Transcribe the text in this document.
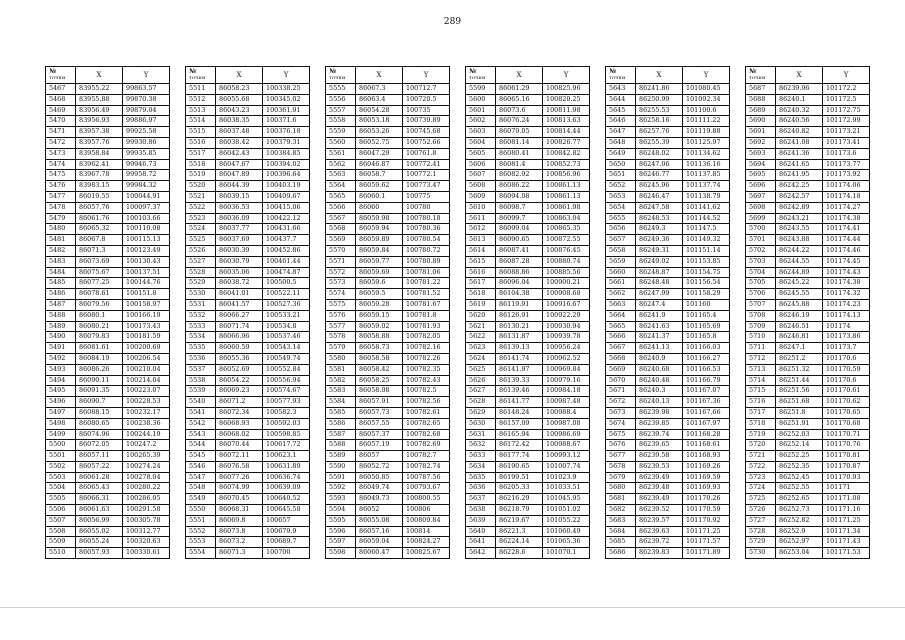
289
№
точки	X	Y
5467	83955.22	99863.57
5468	83955.88	99870.38
5469	83956.49	99879.04
5470	83956.93	99886.97
5471	83957.38	99925.58
5472	83957.76	99930.86
5473	83958.84	99935.85
5474	83962.41	99946.73
5475	83967.78	99958.72
5476	83983.15	99984.32
5477	86019.55	100044.91
5478	86057.76	100097.37
5479	86061.76	100103.66
5480	86065.32	100110.08
5481	86067.8	100115.13
5482	86071.3	100123.49
5483	86073.69	100130.43
5484	86075.67	100137.51
5485	86077.25	100144.76
5486	86078.61	100151.8
5487	86079.56	100158.97
5488	86080.1	100166.19
5489	86080.21	100173.43
5490	86079.83	100181.59
5491	86081.61	100200.69
5492	86084.19	100206.54
5493	86086.26	100210.04
5494	86090.11	100214.04
5495	86091.35	100223.07
5496	86090.7	100228.53
5497	86088.15	100232.17
5498	86080.65	100238.36
5499	86074.96	100244.19
5500	86072.05	100247.2
5501	86057.11	100265.39
5502	86057.22	100274.24
5503	86061.28	100278.04
5504	86065.43	100280.22
5505	86066.31	100286.05
5506	86061.63	100291.58
5507	86056.99	100305.78
5508	86055.02	100312.77
5509	86055.24	100320.63
5510	86057.93	100330.61
№
точки	X	Y
5511	86058.23	100338.25
5512	86055.68	100345.02
5513	86043.23	100361.91
5514	86038.35	100371.6
5515	86037.48	100376.18
5516	86038.42	100379.31
5517	86042.43	100384.85
5518	86047.67	100394.02
5519	86047.89	100396.64
5520	86044.39	100403.19
5521	86039.15	100409.67
5522	86036.53	100415.06
5523	86036.09	100422.12
5524	86037.77	100431.66
5525	86037.69	100437.7
5526	86030.39	100452.86
5527	86030.79	100461.44
5528	86035.06	100474.87
5529	86038.72	100500.5
5530	86041.01	100522.11
5531	86041.57	100527.36
5532	86066.27	100533.21
5533	86071.74	100534.8
5534	86066.96	100537.46
5535	86060.59	100543.14
5536	86055.36	100549.74
5537	86052.69	100552.84
5538	86054.22	100556.94
5539	86069.23	100574.67
5540	86071.2	100577.93
5541	86072.34	100582.3
5542	86068.93	100592.03
5543	86068.02	100598.85
5544	86070.44	100617.72
5545	86072.11	100623.1
5546	86076.58	100631.89
5547	86077.26	100636.74
5548	86074.99	100639.09
5549	86070.45	100640.52
5550	86068.31	100645.58
5551	86069.8	100657
5552	86073.8	100679.9
5553	86073.2	100689.7
5554	86071.3	100700
№
точки	X	Y
5555	86067.3	100712.7
5556	86063.4	100720.5
5557	86054.28	100735
5558	86053.18	100739.89
5559	86053.26	100745.68
5560	86052.75	100752.66
5561	86047.29	100761.8
5562	86046.87	100772.41
5563	86058.7	100772.1
5564	86059.62	100773.47
5565	86060.1	100775
5566	86060	100780
5567	86059.98	100780.18
5568	86059.94	100780.36
5569	86059.89	100780.54
5570	86059.84	100780.72
5571	86059.77	100780.89
5572	86059.69	100781.06
5573	86059.6	100781.22
5574	86059.5	100781.52
5575	86059.28	100781.67
5576	86059.15	100781.8
5577	86059.02	100781.93
5578	86058.88	100782.05
5579	86058.73	100782.16
5580	86058.58	100782.26
5581	86058.42	100782.35
5582	86058.25	100782.43
5583	86058.08	100782.5
5584	86057.91	100782.56
5585	86057.73	100782.61
5586	86057.55	100782.65
5587	86057.37	100782.68
5588	86057.19	100782.69
5589	86057	100782.7
5590	86052.72	100782.74
5591	86050.85	100787.56
5592	86049.74	100793.67
5593	86049.73	100800.55
5594	86052	100806
5595	86055.08	100809.84
5596	86057.16	100814
5597	86059.04	100824.27
5598	86060.47	100825.67
№
точки	X	Y
5599	86061.29	100825.96
5600	86065.16	100820.25
5601	86073.6	100811.98
5602	86076.24	100813.63
5603	86079.05	100814.44
5604	86081.14	100826.77
5605	86080.41	100842.82
5606	86081.4	100852.73
5607	86082.92	100856.96
5608	86086.22	100861.13
5609	86094.08	100861.13
5610	86098.7	100861.98
5611	86099.7	100863.04
5612	86099.04	100865.35
5613	86090.65	100872.55
5614	86087.41	100876.45
5615	86087.28	100880.74
5616	86088.86	100885.56
5617	86096.04	100900.21
5618	86104.38	100908.68
5619	86119.91	100916.67
5620	86126.91	100922.29
5621	86130.21	100930.94
5622	86131.87	100939.78
5623	86139.13	100956.24
5624	86141.74	100962.52
5625	86141.97	100969.84
5626	86139.33	100979.16
5627	86139.46	100984.18
5628	86141.77	100987.48
5629	86148.24	100988.4
5630	86157.09	100987.08
5631	86165.94	100986.69
5632	86172.42	100988.67
5633	86177.74	100993.12
5634	86190.65	101007.74
5635	86199.51	101023.9
5636	86205.33	101033.51
5637	86216.29	101045.95
5638	86218.79	101051.02
5639	86219.67	101055.22
5640	86221.3	101060.49
5641	86224.14	101065.36
5642	86228.6	101070.1
№
точки	X	Y
5643	86241.86	101080.45
5644	86250.99	101092.34
5645	86255.53	101100.6
5646	86258.16	101111.22
5647	86257.76	101119.88
5648	86255.39	101125.97
5649	86248.02	101134.62
5650	86247.06	101136.16
5651	86246.77	101137.85
5652	86245.96	101137.74
5653	86246.47	101138.79
5654	86247.58	101141.62
5655	86248.53	101144.52
5656	86249.3	101147.5
5657	86249.36	101149.32
5658	86249.31	101151.14
5659	86249.02	101153.85
5660	86248.87	101154.75
5661	86248.48	101156.54
5662	86247.99	101158.29
5663	86247.4	101160
5664	86241.9	101165.4
5665	86241.63	101165.69
5666	86241.37	101165.8
5667	86241.13	101166.03
5668	86240.9	101166.27
5669	86240.68	101166.53
5670	86240.48	101166.79
5671	86240.3	101167.07
5672	86240.13	101167.36
5673	86239.98	101167.66
5674	86239.85	101167.97
5675	86239.74	101168.28
5676	86239.65	101168.61
5677	86239.58	101168.93
5678	86239.53	101169.26
5679	86239.49	101169.59
5680	86239.48	101169.93
5681	86239.49	101170.26
5682	86239.52	101170.59
5683	86239.57	101170.92
5684	86239.63	101171.25
5685	86239.72	101171.57
5686	86239.83	101171.89
№
точки	X	Y
5687	86239.96	101172.2
5688	86240.1	101172.5
5689	86240.32	101172.75
5690	86240.56	101172.99
5691	86240.82	101173.21
5692	86241.08	101173.41
5693	86241.36	101173.6
5694	86241.65	101173.77
5695	86241.95	101173.92
5696	86242.25	101174.06
5697	86242.57	101174.18
5698	86242.89	101174.27
5699	86243.21	101174.38
5700	86243.55	101174.41
5701	86243.88	101174.44
5702	86244.22	101174.46
5703	86244.55	101174.45
5704	86244.89	101174.43
5705	86245.22	101174.38
5706	86245.55	101174.32
5707	86245.88	101174.23
5708	86246.19	101174.13
5709	86246.51	101174
5710	86246.81	101173.86
5711	86247.1	101173.7
5712	86251.2	101170.6
5713	86251.32	101170.59
5714	86251.44	101170.6
5715	86251.56	101170.61
5716	86251.68	101170.62
5717	86251.8	101170.65
5718	86251.91	101170.68
5719	86252.03	101170.71
5720	86252.14	101170.76
5721	86252.25	101170.81
5722	86252.35	101170.87
5723	86252.45	101170.93
5724	86252.55	101171
5725	86252.65	101171.08
5726	86252.73	101171.16
5727	86252.82	101171.25
5728	86252.9	101171.34
5729	86252.97	101171.43
5730	86253.04	101171.53
